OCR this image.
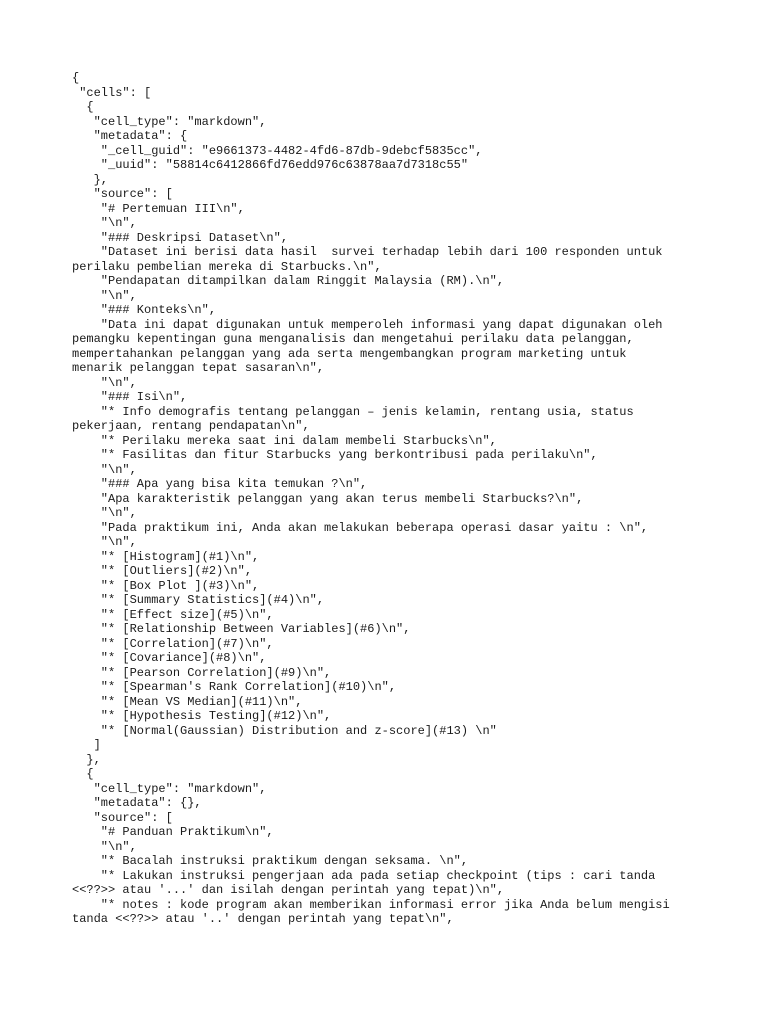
{
"cells": [
{
"cell_type": "markdown",
"metadata": {
"_cell_guid": "e9661373-4482-4fd6-87db-9debcf5835cc",
"_uuid": "58814c6412866fd76edd976c63878aa7d7318c55"
},
"source": [
"# Pertemuan III\n",
"\n",
"### Deskripsi Dataset\n",
"Dataset ini berisi data hasil  survei terhadap lebih dari 100 responden untuk
perilaku pembelian mereka di Starbucks.\n",
"Pendapatan ditampilkan dalam Ringgit Malaysia (RM).\n",
"\n",
"### Konteks\n",
"Data ini dapat digunakan untuk memperoleh informasi yang dapat digunakan oleh
pemangku kepentingan guna menganalisis dan mengetahui perilaku data pelanggan,
mempertahankan pelanggan yang ada serta mengembangkan program marketing untuk
menarik pelanggan tepat sasaran\n",
"\n",
"### Isi\n",
"* Info demografis tentang pelanggan – jenis kelamin, rentang usia, status
pekerjaan, rentang pendapatan\n",
"* Perilaku mereka saat ini dalam membeli Starbucks\n",
"* Fasilitas dan fitur Starbucks yang berkontribusi pada perilaku\n",
"\n",
"### Apa yang bisa kita temukan ?\n",
"Apa karakteristik pelanggan yang akan terus membeli Starbucks?\n",
"\n",
"Pada praktikum ini, Anda akan melakukan beberapa operasi dasar yaitu : \n",
"\n",
"* [Histogram](#1)\n",
"* [Outliers](#2)\n",
"* [Box Plot ](#3)\n",
"* [Summary Statistics](#4)\n",
"* [Effect size](#5)\n",
"* [Relationship Between Variables](#6)\n",
"* [Correlation](#7)\n",
"* [Covariance](#8)\n",
"* [Pearson Correlation](#9)\n",
"* [Spearman's Rank Correlation](#10)\n",
"* [Mean VS Median](#11)\n",
"* [Hypothesis Testing](#12)\n",
"* [Normal(Gaussian) Distribution and z-score](#13) \n"
]
},
{
"cell_type": "markdown",
"metadata": {},
"source": [
"# Panduan Praktikum\n",
"\n",
"* Bacalah instruksi praktikum dengan seksama. \n",
"* Lakukan instruksi pengerjaan ada pada setiap checkpoint (tips : cari tanda
<<??>> atau '...' dan isilah dengan perintah yang tepat)\n",
"* notes : kode program akan memberikan informasi error jika Anda belum mengisi
tanda <<??>> atau '..' dengan perintah yang tepat\n",
